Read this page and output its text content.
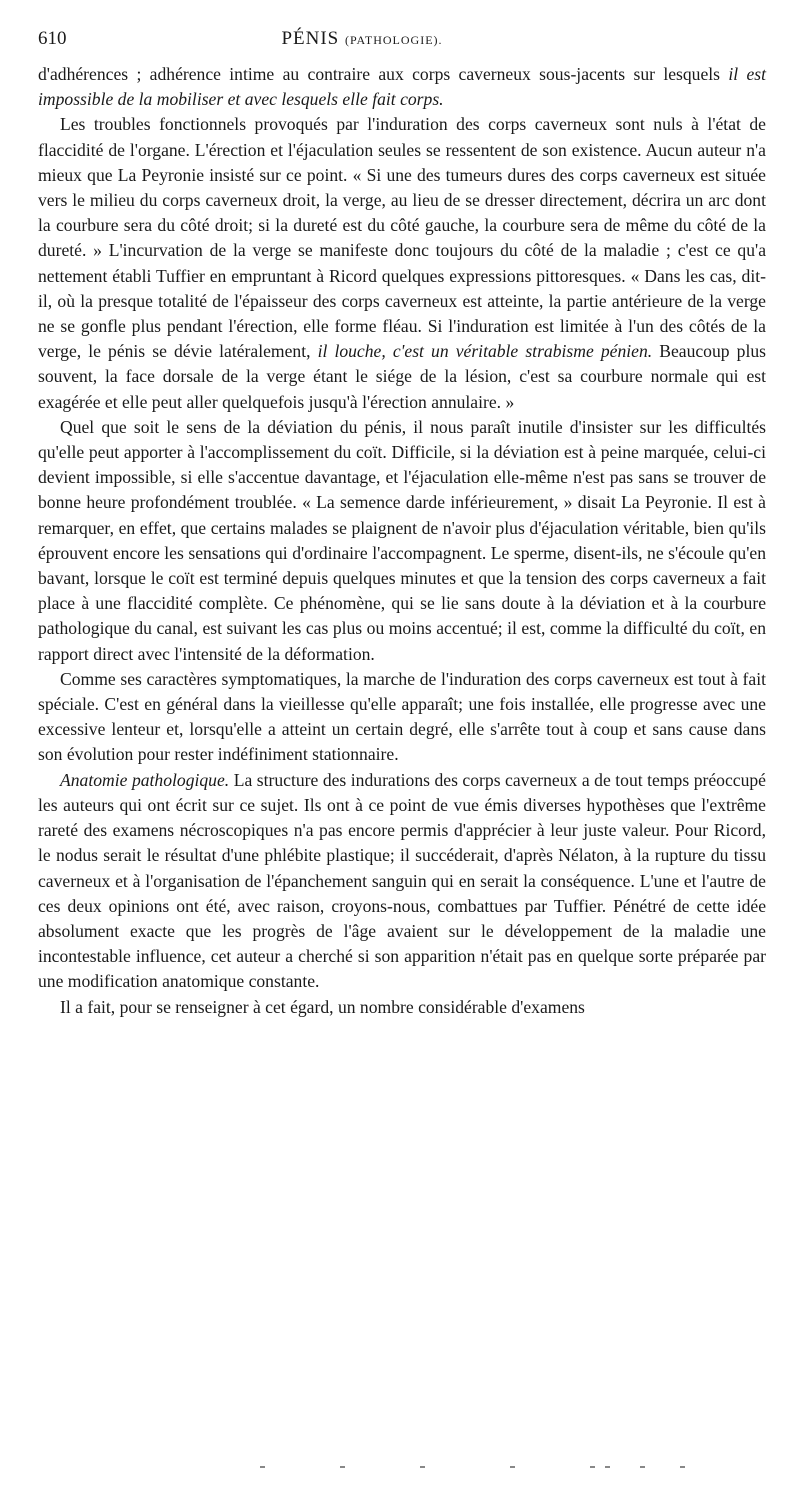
610	PÉNIS (PATHOLOGIE).

d'adhérences ; adhérence intime au contraire aux corps caverneux sous-jacents sur lesquels il est impossible de la mobiliser et avec lesquels elle fait corps.

Les troubles fonctionnels provoqués par l'induration des corps caverneux sont nuls à l'état de flaccidité de l'organe. L'érection et l'éjaculation seules se ressentent de son existence. Aucun auteur n'a mieux que La Peyronie insisté sur ce point. « Si une des tumeurs dures des corps caverneux est située vers le milieu du corps caverneux droit, la verge, au lieu de se dresser directement, décrira un arc dont la courbure sera du côté droit; si la dureté est du côté gauche, la courbure sera de même du côté de la dureté. » L'incurvation de la verge se manifeste donc toujours du côté de la maladie ; c'est ce qu'a nettement établi Tuffier en empruntant à Ricord quelques expressions pittoresques. « Dans les cas, dit-il, où la presque totalité de l'épaisseur des corps caverneux est atteinte, la partie antérieure de la verge ne se gonfle plus pendant l'érection, elle forme fléau. Si l'induration est limitée à l'un des côtés de la verge, le pénis se dévie latéralement, il louche, c'est un véritable strabisme pénien. Beaucoup plus souvent, la face dorsale de la verge étant le siége de la lésion, c'est sa courbure normale qui est exagérée et elle peut aller quelquefois jusqu'à l'érection annulaire. »

Quel que soit le sens de la déviation du pénis, il nous paraît inutile d'insister sur les difficultés qu'elle peut apporter à l'accomplissement du coït. Difficile, si la déviation est à peine marquée, celui-ci devient impossible, si elle s'accentue davantage, et l'éjaculation elle-même n'est pas sans se trouver de bonne heure profondément troublée. « La semence darde inférieurement, » disait La Peyronie. Il est à remarquer, en effet, que certains malades se plaignent de n'avoir plus d'éjaculation véritable, bien qu'ils éprouvent encore les sensations qui d'ordinaire l'accompagnent. Le sperme, disent-ils, ne s'écoule qu'en bavant, lorsque le coït est terminé depuis quelques minutes et que la tension des corps caverneux a fait place à une flaccidité complète. Ce phénomène, qui se lie sans doute à la déviation et à la courbure pathologique du canal, est suivant les cas plus ou moins accentué; il est, comme la difficulté du coït, en rapport direct avec l'intensité de la déformation.

Comme ses caractères symptomatiques, la marche de l'induration des corps caverneux est tout à fait spéciale. C'est en général dans la vieillesse qu'elle apparaît; une fois installée, elle progresse avec une excessive lenteur et, lorsqu'elle a atteint un certain degré, elle s'arrête tout à coup et sans cause dans son évolution pour rester indéfiniment stationnaire.

Anatomie pathologique. La structure des indurations des corps caverneux a de tout temps préoccupé les auteurs qui ont écrit sur ce sujet. Ils ont à ce point de vue émis diverses hypothèses que l'extrême rareté des examens nécroscopiques n'a pas encore permis d'apprécier à leur juste valeur. Pour Ricord, le nodus serait le résultat d'une phlébite plastique; il succéderait, d'après Nélaton, à la rupture du tissu caverneux et à l'organisation de l'épanchement sanguin qui en serait la conséquence. L'une et l'autre de ces deux opinions ont été, avec raison, croyons-nous, combattues par Tuffier. Pénétré de cette idée absolument exacte que les progrès de l'âge avaient sur le développement de la maladie une incontestable influence, cet auteur a cherché si son apparition n'était pas en quelque sorte préparée par une modification anatomique constante.

Il a fait, pour se renseigner à cet égard, un nombre considérable d'examens
